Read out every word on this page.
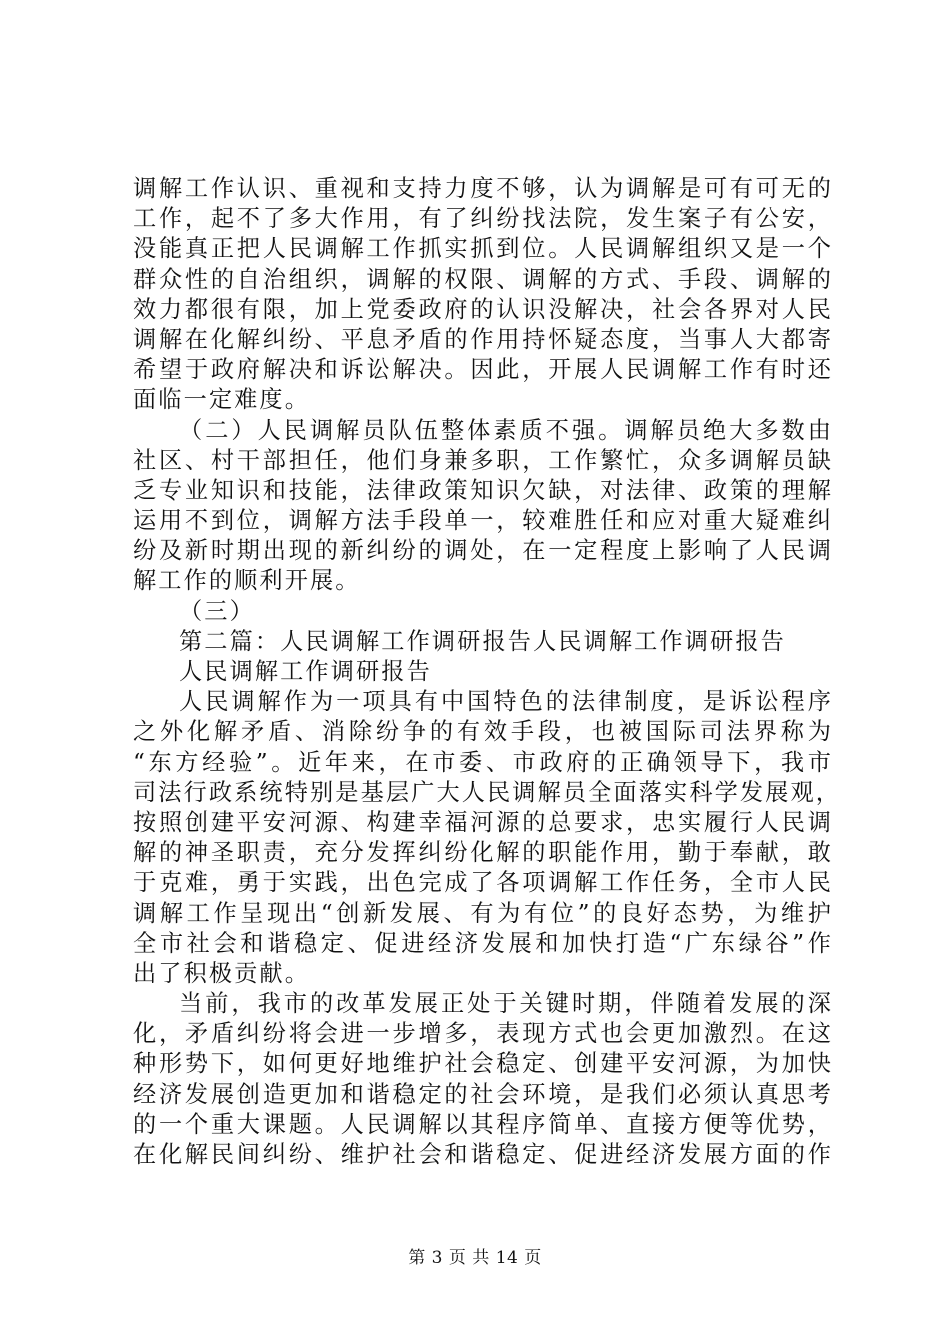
调解工作认识、重视和支持力度不够，认为调解是可有可无的
工作，起不了多大作用，有了纠纷找法院，发生案子有公安，
没能真正把人民调解工作抓实抓到位。人民调解组织又是一个
群众性的自治组织，调解的权限、调解的方式、手段、调解的
效力都很有限，加上党委政府的认识没解决，社会各界对人民
调解在化解纠纷、平息矛盾的作用持怀疑态度，当事人大都寄
希望于政府解决和诉讼解决。因此，开展人民调解工作有时还
面临一定难度。
（二）人民调解员队伍整体素质不强。调解员绝大多数由
社区、村干部担任，他们身兼多职，工作繁忙，众多调解员缺
乏专业知识和技能，法律政策知识欠缺，对法律、政策的理解
运用不到位，调解方法手段单一，较难胜任和应对重大疑难纠
纷及新时期出现的新纠纷的调处，在一定程度上影响了人民调
解工作的顺利开展。
（三）
第二篇：人民调解工作调研报告人民调解工作调研报告
人民调解工作调研报告
人民调解作为一项具有中国特色的法律制度，是诉讼程序
之外化解矛盾、消除纷争的有效手段，也被国际司法界称为
“东方经验”。近年来，在市委、市政府的正确领导下，我市
司法行政系统特别是基层广大人民调解员全面落实科学发展观，
按照创建平安河源、构建幸福河源的总要求，忠实履行人民调
解的神圣职责，充分发挥纠纷化解的职能作用，勤于奉献，敢
于克难，勇于实践，出色完成了各项调解工作任务，全市人民
调解工作呈现出“创新发展、有为有位”的良好态势，为维护
全市社会和谐稳定、促进经济发展和加快打造“广东绿谷”作
出了积极贡献。
当前，我市的改革发展正处于关键时期，伴随着发展的深
化，矛盾纠纷将会进一步增多，表现方式也会更加激烈。在这
种形势下，如何更好地维护社会稳定、创建平安河源，为加快
经济发展创造更加和谐稳定的社会环境，是我们必须认真思考
的一个重大课题。人民调解以其程序简单、直接方便等优势，
在化解民间纠纷、维护社会和谐稳定、促进经济发展方面的作
第 3 页 共 14 页
